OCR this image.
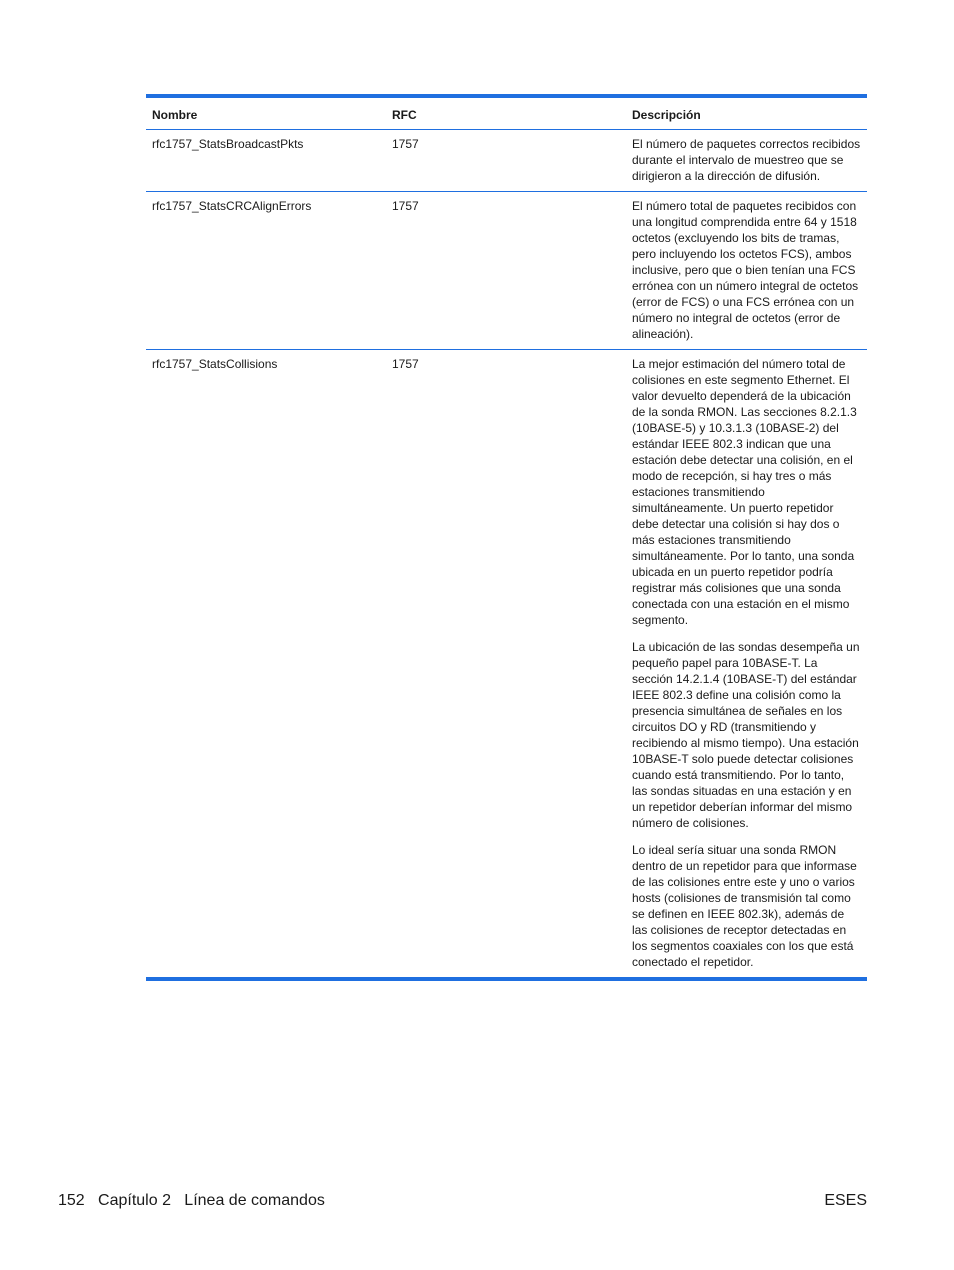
Nombre	RFC	Descripción
rfc1757_StatsBroadcastPkts	1757	El número de paquetes correctos recibidos durante el intervalo de muestreo que se dirigieron a la dirección de difusión.

rfc1757_StatsCRCAlignErrors	1757	El número total de paquetes recibidos con una longitud comprendida entre 64 y 1518 octetos (excluyendo los bits de tramas, pero incluyendo los octetos FCS), ambos inclusive, pero que o bien tenían una FCS errónea con un número integral de octetos (error de FCS) o una FCS errónea con un número no integral de octetos (error de alineación).

rfc1757_StatsCollisions	1757	La mejor estimación del número total de colisiones en este segmento Ethernet. El valor devuelto dependerá de la ubicación de la sonda RMON. Las secciones 8.2.1.3 (10BASE-5) y 10.3.1.3 (10BASE-2) del estándar IEEE 802.3 indican que una estación debe detectar una colisión, en el modo de recepción, si hay tres o más estaciones transmitiendo simultáneamente. Un puerto repetidor debe detectar una colisión si hay dos o más estaciones transmitiendo simultáneamente. Por lo tanto, una sonda ubicada en un puerto repetidor podría registrar más colisiones que una sonda conectada con una estación en el mismo segmento.

La ubicación de las sondas desempeña un pequeño papel para 10BASE-T. La sección 14.2.1.4 (10BASE-T) del estándar IEEE 802.3 define una colisión como la presencia simultánea de señales en los circuitos DO y RD (transmitiendo y recibiendo al mismo tiempo). Una estación 10BASE-T solo puede detectar colisiones cuando está transmitiendo. Por lo tanto, las sondas situadas en una estación y en un repetidor deberían informar del mismo número de colisiones.

Lo ideal sería situar una sonda RMON dentro de un repetidor para que informase de las colisiones entre este y uno o varios hosts (colisiones de transmisión tal como se definen en IEEE 802.3k), además de las colisiones de receptor detectadas en los segmentos coaxiales con los que está conectado el repetidor.

152   Capítulo 2   Línea de comandos	ESES
